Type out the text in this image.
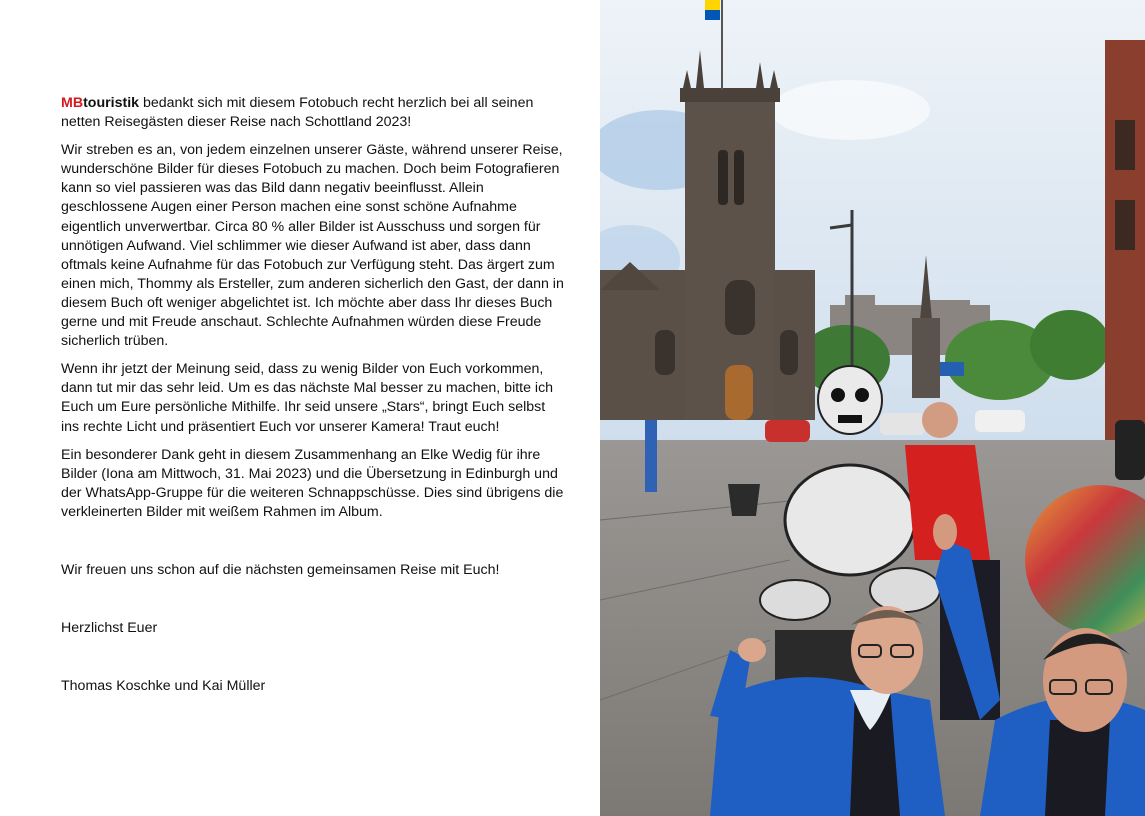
MBtouristik bedankt sich mit diesem Fotobuch recht herzlich bei all seinen netten Reisegästen dieser Reise nach Schottland 2023!

Wir streben es an, von jedem einzelnen unserer Gäste, während unserer Reise, wunderschöne Bilder für dieses Fotobuch zu machen. Doch beim Fotografieren kann so viel passieren was das Bild dann negativ beeinflusst. Allein geschlossene Augen einer Person machen eine sonst schöne Aufnahme eigentlich unverwertbar. Circa 80 % aller Bilder ist Ausschuss und sorgen für unnötigen Aufwand. Viel schlimmer wie dieser Aufwand ist aber, dass dann oftmals keine Aufnahme für das Fotobuch zur Verfügung steht. Das ärgert zum einen mich, Thommy als Ersteller, zum anderen sicherlich den Gast, der dann in diesem Buch oft weniger abgelichtet ist. Ich möchte aber dass Ihr dieses Buch gerne und mit Freude anschaut. Schlechte Aufnahmen würden diese Freude sicherlich trüben.

Wenn ihr jetzt der Meinung seid, dass zu wenig Bilder von Euch vorkommen, dann tut mir das sehr leid. Um es das nächste Mal besser zu machen, bitte ich Euch um Eure persönliche Mithilfe. Ihr seid unsere „Stars“, bringt Euch selbst ins rechte Licht und präsentiert Euch vor unserer Kamera! Traut euch!

Ein besonderer Dank geht in diesem Zusammenhang an Elke Wedig für ihre Bilder (Iona am Mittwoch, 31. Mai 2023) und die Übersetzung in Edinburgh und der WhatsApp-Gruppe für die weiteren Schnappschüsse. Dies sind übrigens die verkleinerten Bilder mit weißem Rahmen im Album.

Wir freuen uns schon auf die nächsten gemeinsamen Reise mit Euch!

Herzlichst Euer

Thomas Koschke und Kai Müller
